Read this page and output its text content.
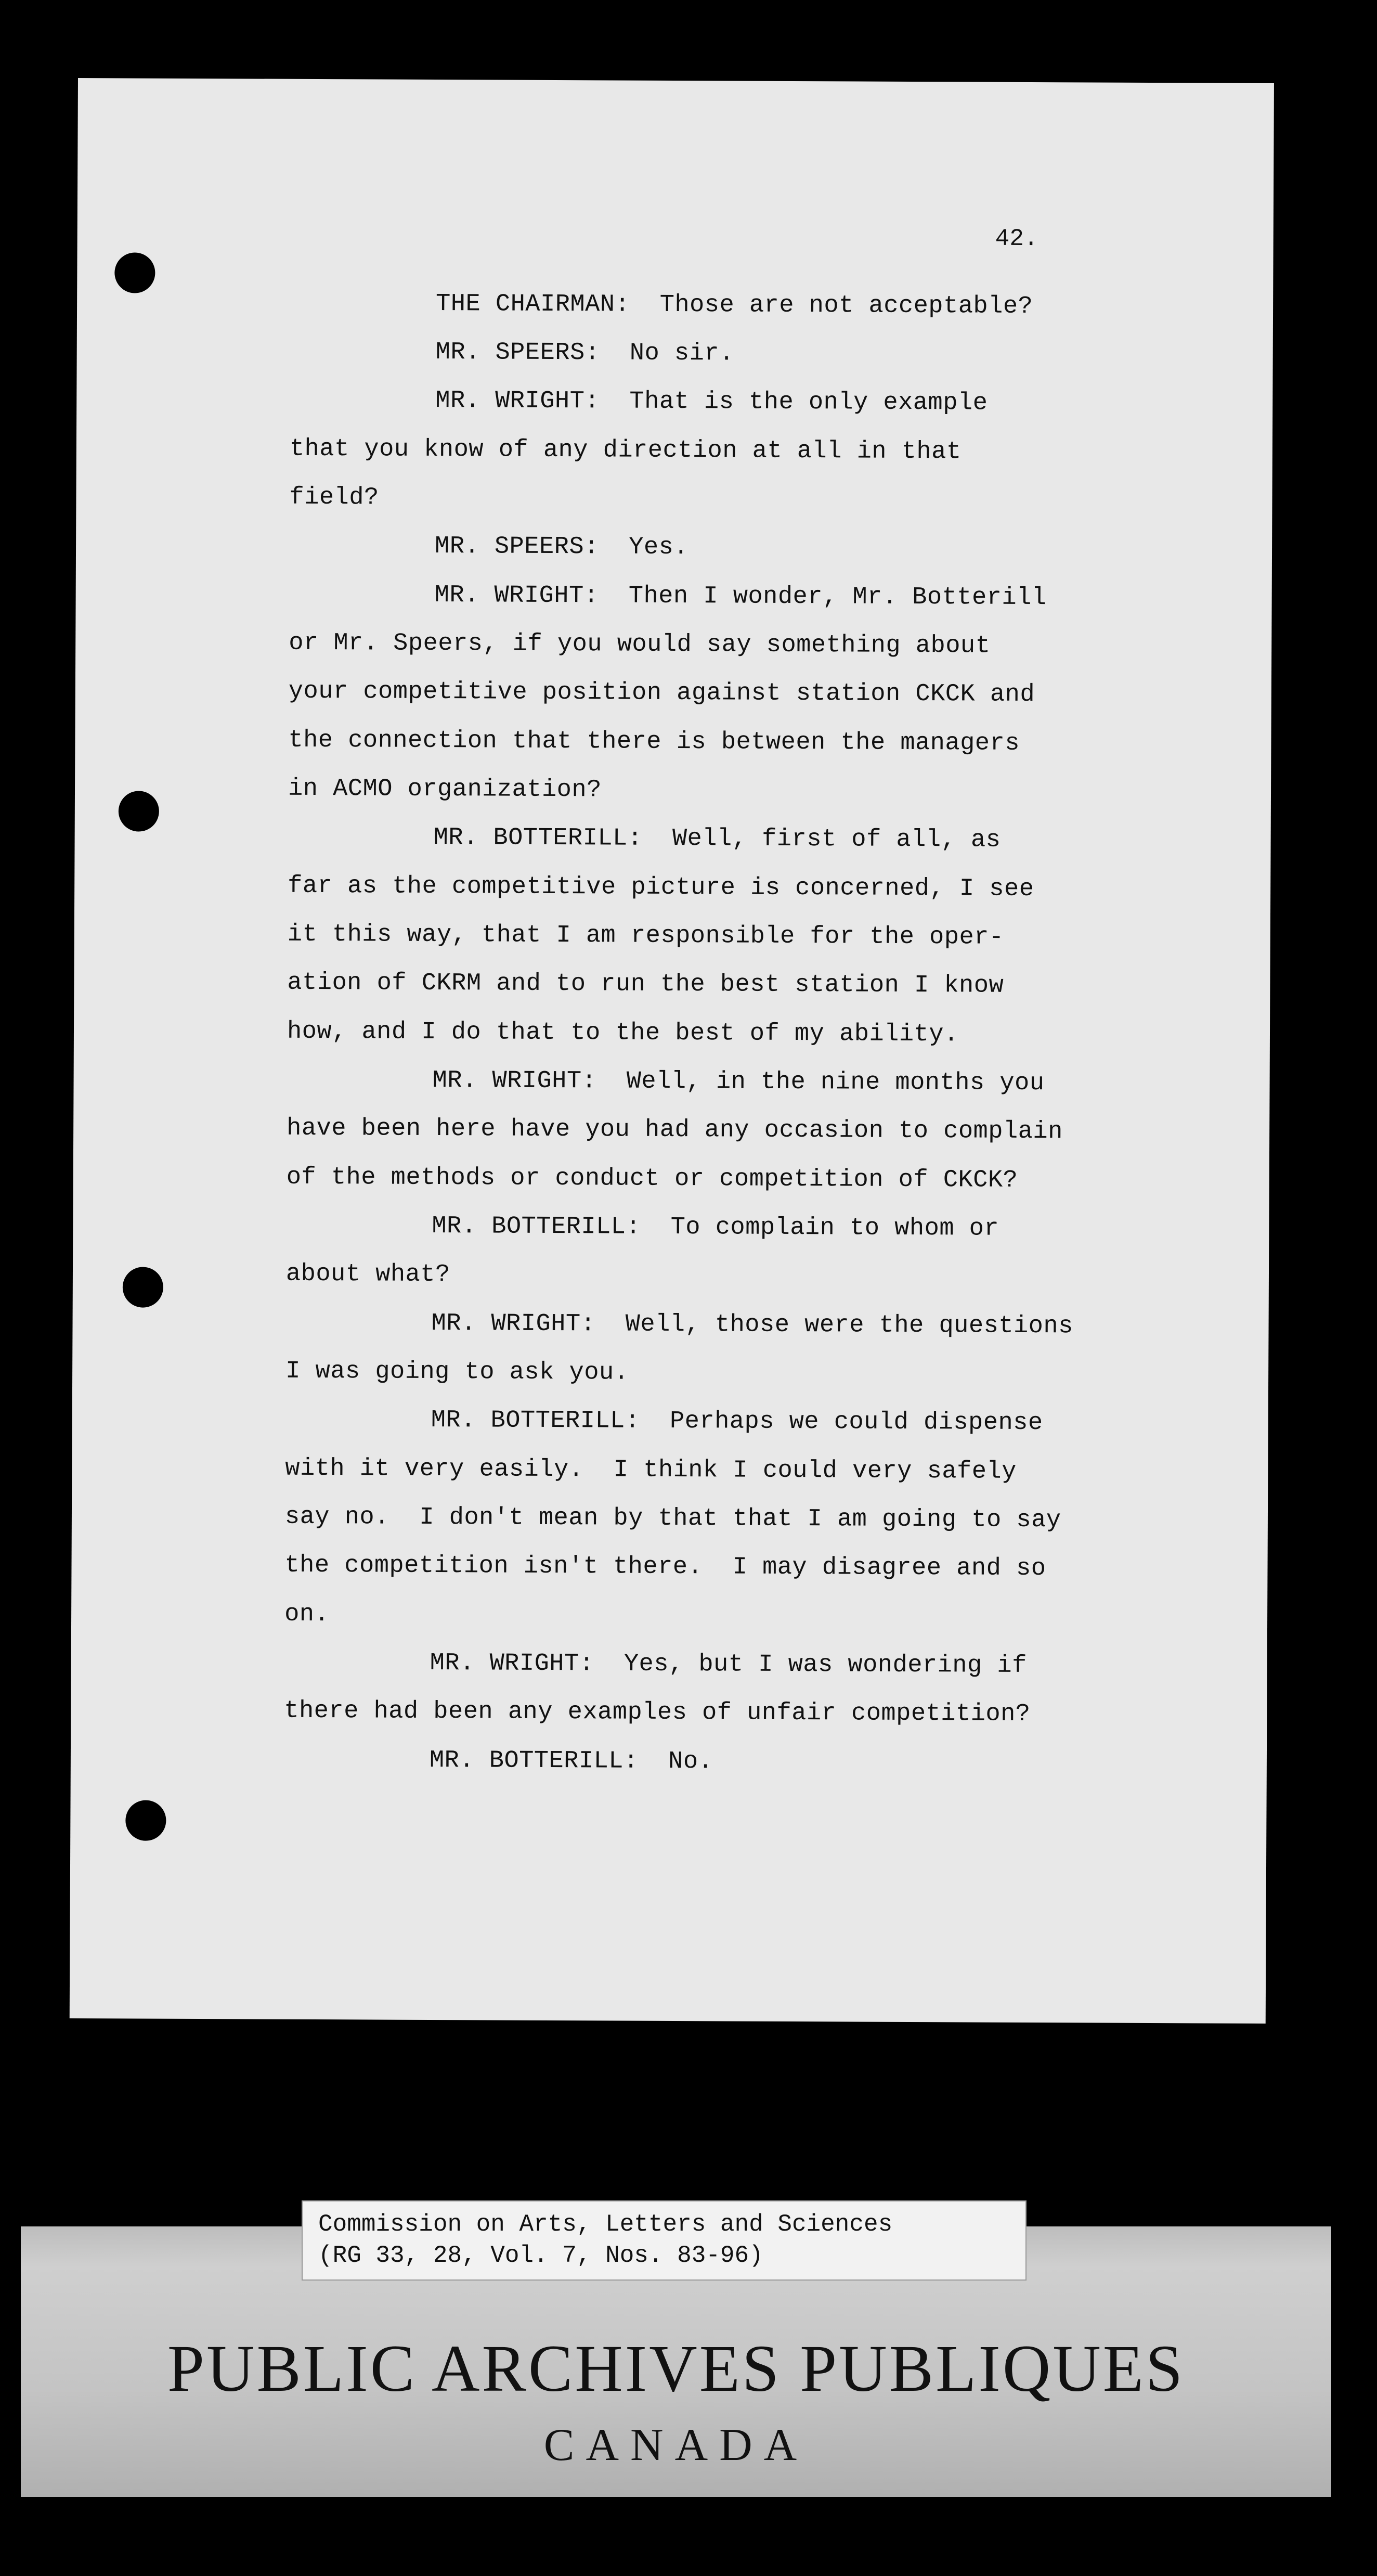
42.
THE CHAIRMAN:  Those are not acceptable?
MR. SPEERS:  No sir.
MR. WRIGHT:  That is the only example
that you know of any direction at all in that
field?
MR. SPEERS:  Yes.
MR. WRIGHT:  Then I wonder, Mr. Botterill
or Mr. Speers, if you would say something about
your competitive position against station CKCK and
the connection that there is between the managers
in ACMO organization?
MR. BOTTERILL:  Well, first of all, as
far as the competitive picture is concerned, I see
it this way, that I am responsible for the oper-
ation of CKRM and to run the best station I know
how, and I do that to the best of my ability.
MR. WRIGHT:  Well, in the nine months you
have been here have you had any occasion to complain
of the methods or conduct or competition of CKCK?
MR. BOTTERILL:  To complain to whom or
about what?
MR. WRIGHT:  Well, those were the questions
I was going to ask you.
MR. BOTTERILL:  Perhaps we could dispense
with it very easily.  I think I could very safely
say no.  I don't mean by that that I am going to say
the competition isn't there.  I may disagree and so
on.
MR. WRIGHT:  Yes, but I was wondering if
there had been any examples of unfair competition?
MR. BOTTERILL:  No.
Commission on Arts, Letters and Sciences
(RG 33, 28, Vol. 7, Nos. 83-96)
PUBLIC ARCHIVES PUBLIQUES
CANADA
